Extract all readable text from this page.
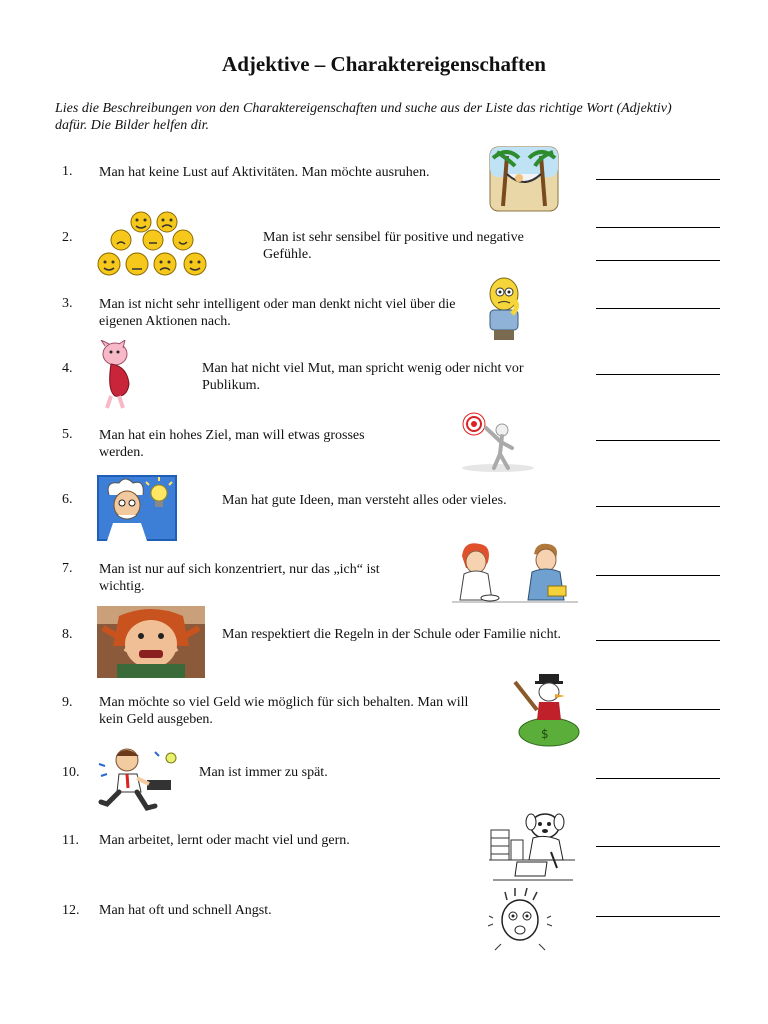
Adjektive – Charaktereigenschaften
Lies die Beschreibungen von den Charaktereigenschaften und suche aus der Liste das richtige Wort (Adjektiv) dafür. Die Bilder helfen dir.
1. Man hat keine Lust auf Aktivitäten. Man möchte ausruhen.
2.	Man ist sehr sensibel für positive und negative Gefühle.
3. Man ist nicht sehr intelligent oder man denkt nicht viel über die eigenen Aktionen nach.
4.	Man hat nicht viel Mut, man spricht wenig oder nicht vor Publikum.
5. Man hat ein hohes Ziel, man will etwas grosses werden.
6.	Man hat gute Ideen, man versteht alles oder vieles.
7. Man ist nur auf sich konzentriert, nur das „ich“ ist wichtig.
8.	Man respektiert die Regeln in der Schule oder Familie nicht.
9. Man möchte so viel Geld wie möglich für sich behalten. Man will kein Geld ausgeben.
$
10.	Man ist immer zu spät.
11. Man arbeitet, lernt oder macht viel und gern.
12. Man hat oft und schnell Angst.
